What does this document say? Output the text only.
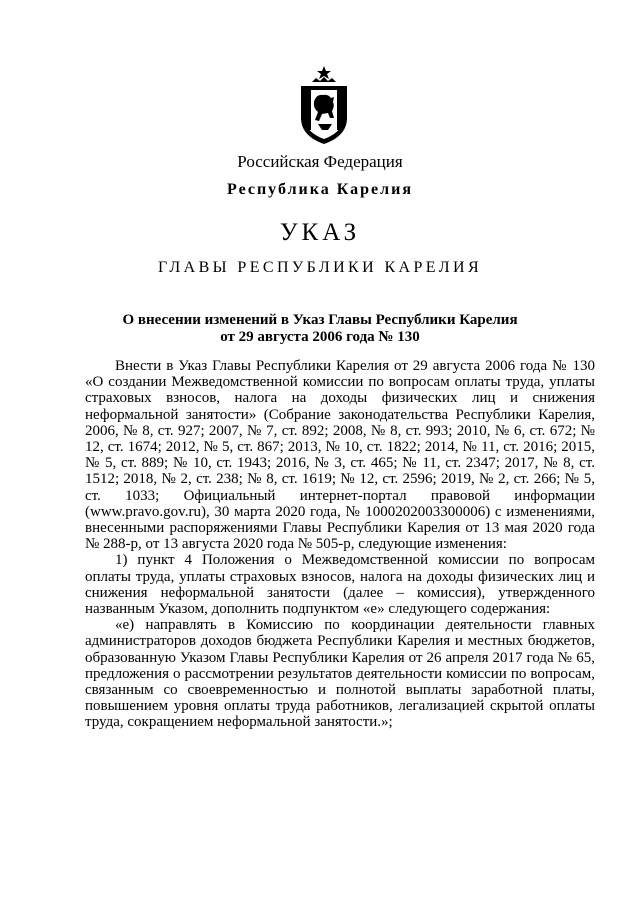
Российская Федерация
Республика Карелия
УКАЗ
ГЛАВЫ РЕСПУБЛИКИ КАРЕЛИЯ
О внесении изменений в Указ Главы Республики Карелия
от 29 августа 2006 года № 130

Внести в Указ Главы Республики Карелия от 29 августа 2006 года № 130 «О создании Межведомственной комиссии по вопросам оплаты труда, уплаты страховых взносов, налога на доходы физических лиц и снижения неформальной занятости» (Собрание законодательства Республики Карелия, 2006, № 8, ст. 927; 2007, № 7, ст. 892; 2008, № 8, ст. 993; 2010, № 6, ст. 672; № 12, ст. 1674; 2012, № 5, ст. 867; 2013, № 10, ст. 1822; 2014, № 11, ст. 2016; 2015, № 5, ст. 889; № 10, ст. 1943; 2016, № 3, ст. 465; № 11, ст. 2347; 2017, № 8, ст. 1512; 2018, № 2, ст. 238; № 8, ст. 1619; № 12, ст. 2596; 2019, № 2, ст. 266; № 5, ст. 1033; Официальный интернет-портал правовой информации (www.pravo.gov.ru), 30 марта 2020 года, № 1000202003300006) с изменениями, внесенными распоряжениями Главы Республики Карелия от 13 мая 2020 года № 288-р, от 13 августа 2020 года № 505-р, следующие изменения:

1) пункт 4 Положения о Межведомственной комиссии по вопросам оплаты труда, уплаты страховых взносов, налога на доходы физических лиц и снижения неформальной занятости (далее – комиссия), утвержденного названным Указом, дополнить подпунктом «е» следующего содержания:

«е) направлять в Комиссию по координации деятельности главных администраторов доходов бюджета Республики Карелия и местных бюджетов, образованную Указом Главы Республики Карелия от 26 апреля 2017 года № 65, предложения о рассмотрении результатов деятельности комиссии по вопросам, связанным со своевременностью и полнотой выплаты заработной платы, повышением уровня оплаты труда работников, легализацией скрытой оплаты труда, сокращением неформальной занятости.»;
